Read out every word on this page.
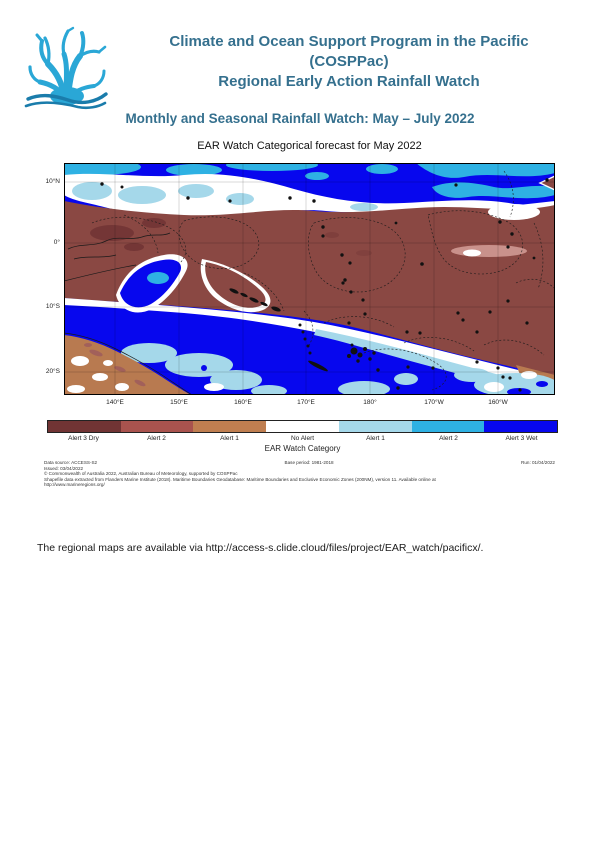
Climate and Ocean Support Program in the Pacific
(COSPPac)
Regional Early Action Rainfall Watch
Monthly and Seasonal Rainfall Watch: May – July 2022
EAR Watch Categorical forecast for May 2022
10°N
0°
10°S
20°S
140°E	150°E	160°E	170°E	180°	170°W	160°W
Alert 3 Dry	Alert 2	Alert 1	No Alert	Alert 1	Alert 2	Alert 3 Wet
EAR Watch Category
Data source: ACCESS-S2	Base period: 1981-2018	Run: 01/04/2022
Issued: 03/04/2022
© Commonwealth of Australia 2022, Australian Bureau of Meteorology, supported by COSPPac
Shapefile data extracted from Flanders Marine Institute (2018). Maritime Boundaries Geodatabase: Maritime Boundaries and Exclusive Economic Zones (200NM), version 11. Available online at http://www.marineregions.org/
The regional maps are available via http://access-s.clide.cloud/files/project/EAR_watch/pacificx/.
